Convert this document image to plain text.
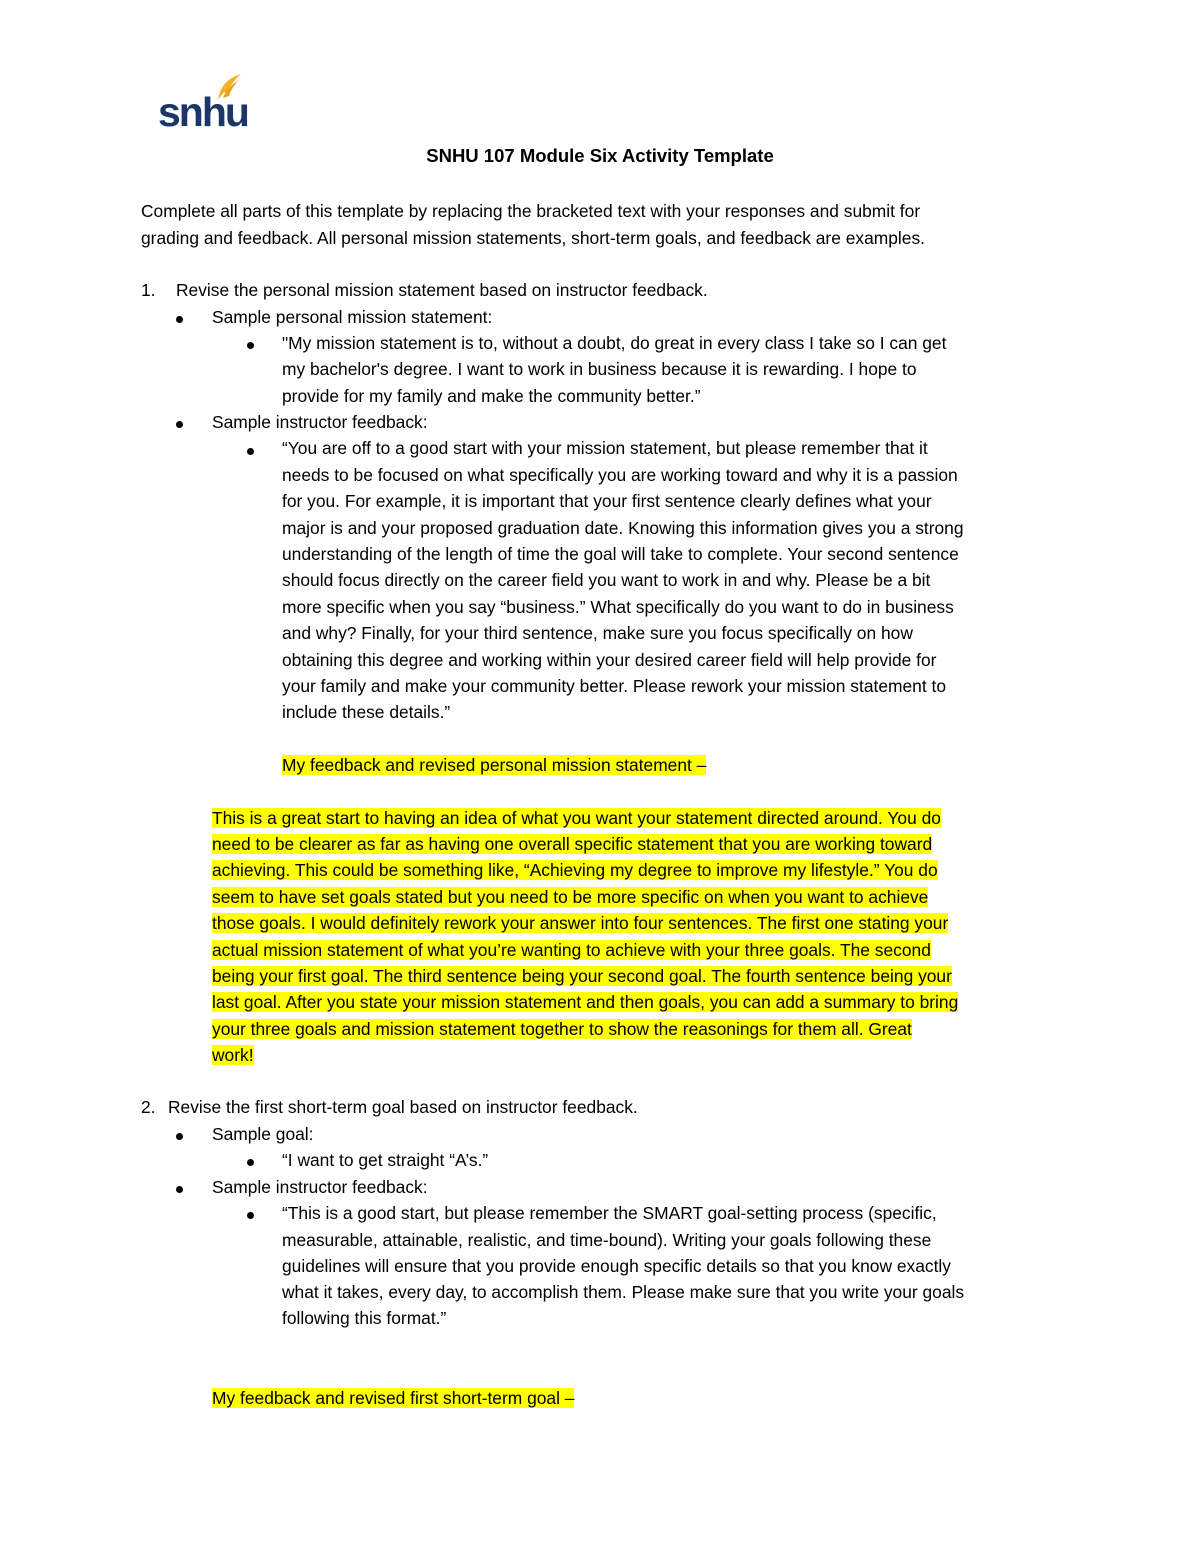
snhu
SNHU 107 Module Six Activity Template
Complete all parts of this template by replacing the bracketed text with your responses and submit for
grading and feedback. All personal mission statements, short-term goals, and feedback are examples.
1. Revise the personal mission statement based on instructor feedback.
Sample personal mission statement:
"My mission statement is to, without a doubt, do great in every class I take so I can get
my bachelor's degree. I want to work in business because it is rewarding. I hope to
provide for my family and make the community better.”
Sample instructor feedback:
“You are off to a good start with your mission statement, but please remember that it
needs to be focused on what specifically you are working toward and why it is a passion
for you. For example, it is important that your first sentence clearly defines what your
major is and your proposed graduation date. Knowing this information gives you a strong
understanding of the length of time the goal will take to complete. Your second sentence
should focus directly on the career field you want to work in and why. Please be a bit
more specific when you say “business.” What specifically do you want to do in business
and why? Finally, for your third sentence, make sure you focus specifically on how
obtaining this degree and working within your desired career field will help provide for
your family and make your community better. Please rework your mission statement to
include these details.”
My feedback and revised personal mission statement –
This is a great start to having an idea of what you want your statement directed around. You do
need to be clearer as far as having one overall specific statement that you are working toward
achieving. This could be something like, “Achieving my degree to improve my lifestyle.” You do
seem to have set goals stated but you need to be more specific on when you want to achieve
those goals. I would definitely rework your answer into four sentences. The first one stating your
actual mission statement of what you’re wanting to achieve with your three goals. The second
being your first goal. The third sentence being your second goal. The fourth sentence being your
last goal. After you state your mission statement and then goals, you can add a summary to bring
your three goals and mission statement together to show the reasonings for them all. Great
work!
2. Revise the first short-term goal based on instructor feedback.
Sample goal:
“I want to get straight “A’s.”
Sample instructor feedback:
“This is a good start, but please remember the SMART goal-setting process (specific,
measurable, attainable, realistic, and time-bound). Writing your goals following these
guidelines will ensure that you provide enough specific details so that you know exactly
what it takes, every day, to accomplish them. Please make sure that you write your goals
following this format.”
My feedback and revised first short-term goal –
